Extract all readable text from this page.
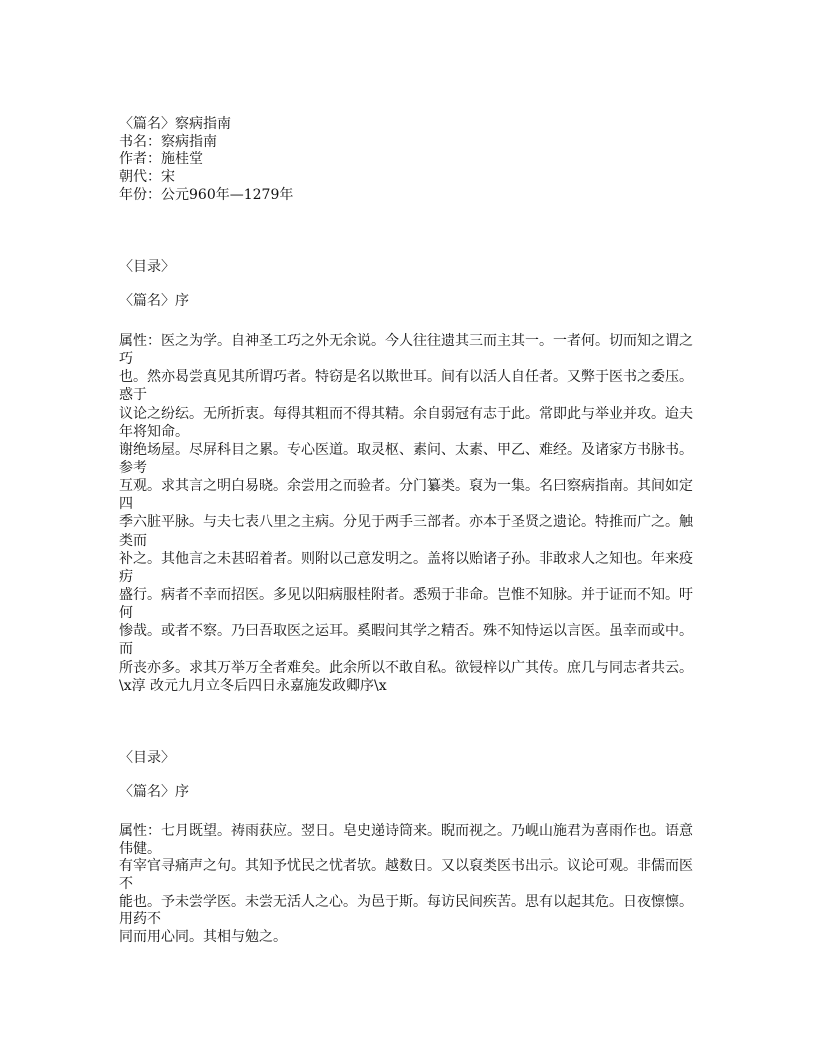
〈篇名〉察病指南
书名：察病指南
作者：施桂堂
朝代：宋
年份：公元960年—1279年
〈目录〉
〈篇名〉序
属性：医之为学。自神圣工巧之外无余说。今人往往遗其三而主其一。一者何。切而知之谓之
巧
也。然亦曷尝真见其所谓巧者。特窃是名以欺世耳。间有以活人自任者。又弊于医书之委压。
惑于
议论之纷纭。无所折衷。每得其粗而不得其精。余自弱冠有志于此。常即此与举业并攻。迨夫
年将知命。
谢绝场屋。尽屏科目之累。专心医道。取灵枢、素问、太素、甲乙、难经。及诸家方书脉书。
参考
互观。求其言之明白易晓。余尝用之而验者。分门纂类。裒为一集。名曰察病指南。其间如定
四
季六脏平脉。与夫七表八里之主病。分见于两手三部者。亦本于圣贤之遗论。特推而广之。触
类而
补之。其他言之未甚昭着者。则附以己意发明之。盖将以贻诸子孙。非敢求人之知也。年来疫
疠
盛行。病者不幸而招医。多见以阳病服桂附者。悉殒于非命。岂惟不知脉。并于证而不知。吁
何
惨哉。或者不察。乃曰吾取医之运耳。奚暇问其学之精否。殊不知恃运以言医。虽幸而或中。
而
所丧亦多。求其万举万全者难矣。此余所以不敢自私。欲锓梓以广其传。庶几与同志者共云。
\x淳 改元九月立冬后四日永嘉施发政卿序\x
〈目录〉
〈篇名〉序
属性：七月既望。祷雨获应。翌日。皂史递诗筒来。睨而视之。乃岘山施君为喜雨作也。语意
伟健。
有宰官寻痛声之句。其知予忧民之忧者欤。越数日。又以裒类医书出示。议论可观。非儒而医
不
能也。予未尝学医。未尝无活人之心。为邑于斯。每访民间疾苦。思有以起其危。日夜懔懔。
用药不
同而用心同。其相与勉之。
